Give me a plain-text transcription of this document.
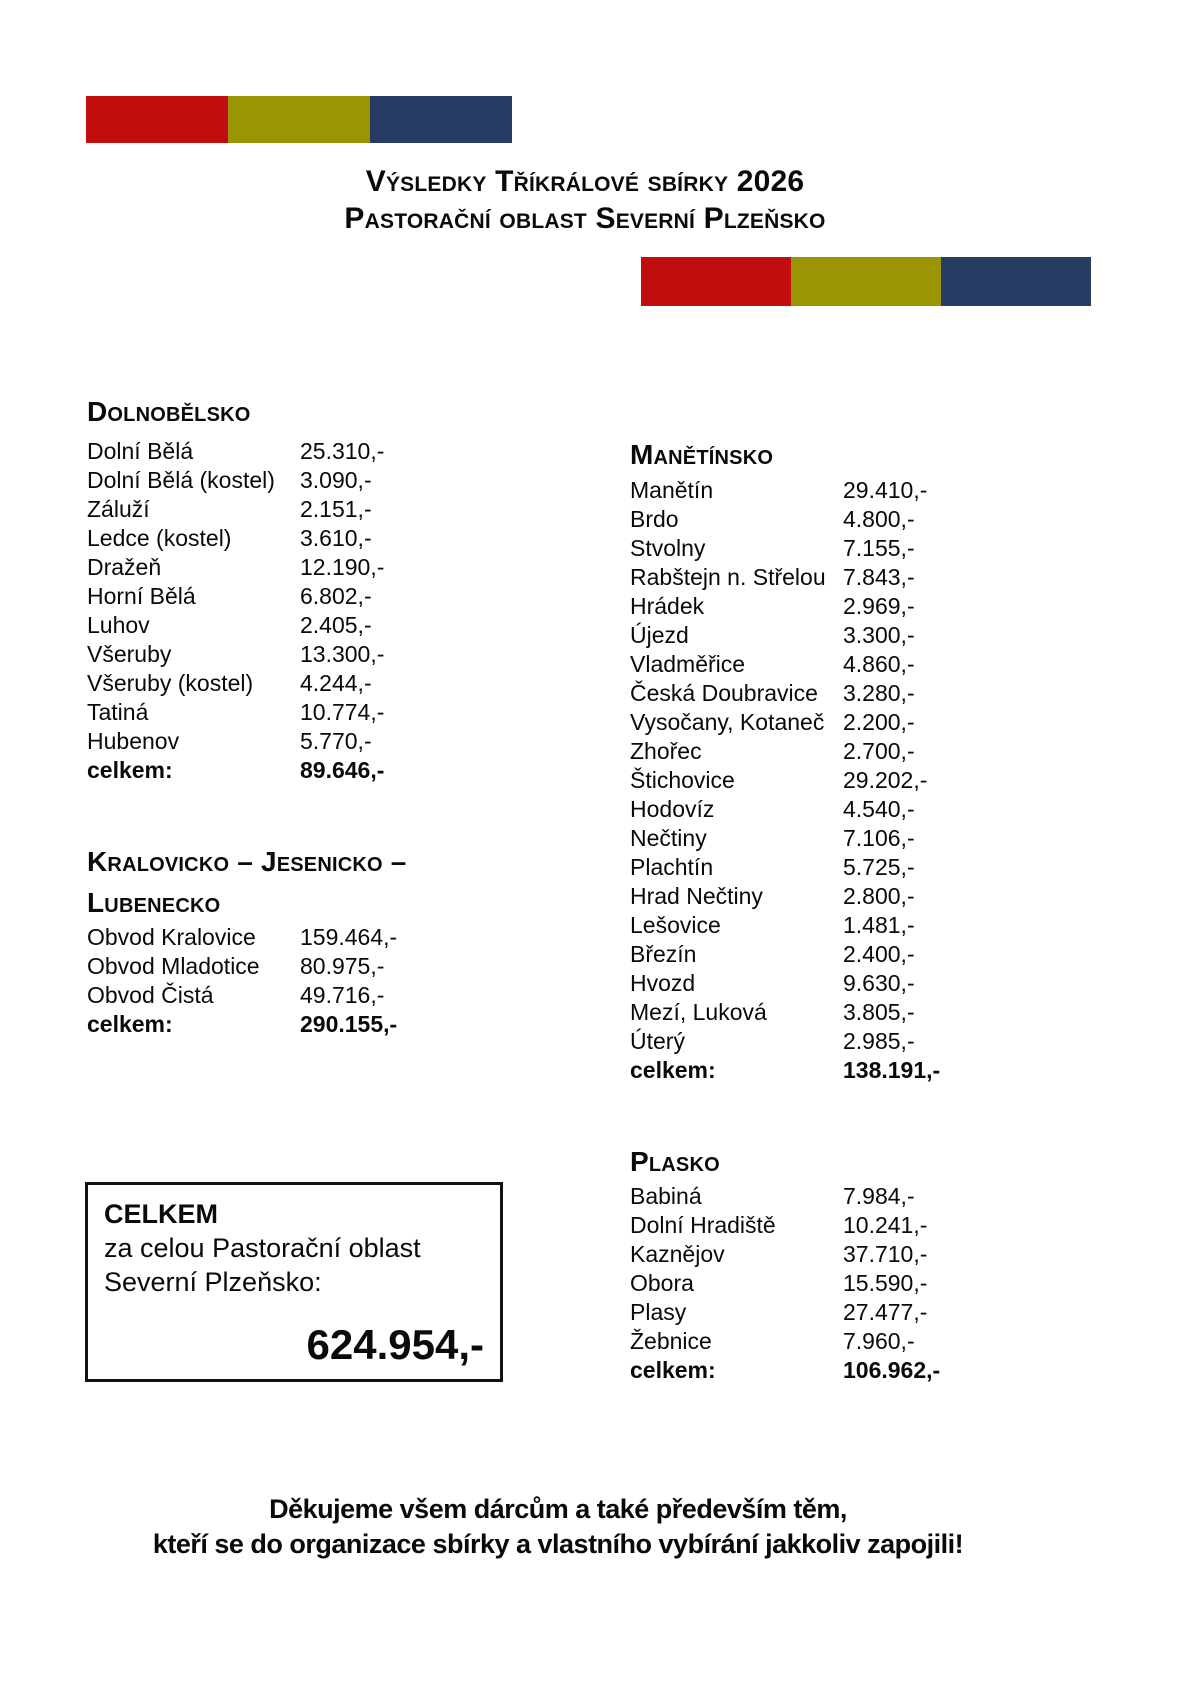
Výsledky Tříkrálové sbírky 2026
Pastorační oblast Severní Plzeňsko
Dolnobělsko
Dolní Bělá	25.310,-
Dolní Bělá (kostel)	3.090,-
Záluží	2.151,-
Ledce (kostel)	3.610,-
Dražeň	12.190,-
Horní Bělá	6.802,-
Luhov	2.405,-
Všeruby	13.300,-
Všeruby (kostel)	4.244,-
Tatiná	10.774,-
Hubenov	5.770,-
celkem:	89.646,-
Kralovicko – Jesenicko – Lubenecko
Obvod Kralovice	159.464,-
Obvod Mladotice	80.975,-
Obvod Čistá	49.716,-
celkem:	290.155,-
Manětínsko
Manětín	29.410,-
Brdo	4.800,-
Stvolny	7.155,-
Rabštejn n. Střelou 7.843,-
Hrádek	2.969,-
Újezd	3.300,-
Vladměřice	4.860,-
Česká Doubravice	3.280,-
Vysočany, Kotaneč 2.200,-
Zhořec	2.700,-
Štichovice	29.202,-
Hodovíz	4.540,-
Nečtiny	7.106,-
Plachtín	5.725,-
Hrad Nečtiny	2.800,-
Lešovice	1.481,-
Březín	2.400,-
Hvozd	9.630,-
Mezí, Luková	3.805,-
Úterý	2.985,-
celkem:	138.191,-
Plasko
Babiná	7.984,-
Dolní Hradiště	10.241,-
Kaznějov	37.710,-
Obora	15.590,-
Plasy	27.477,-
Žebnice	7.960,-
celkem:	106.962,-
CELKEM
za celou Pastorační oblast
Severní Plzeňsko:
624.954,-
Děkujeme všem dárcům a také především těm,
kteří se do organizace sbírky a vlastního vybírání jakkoliv zapojili!
